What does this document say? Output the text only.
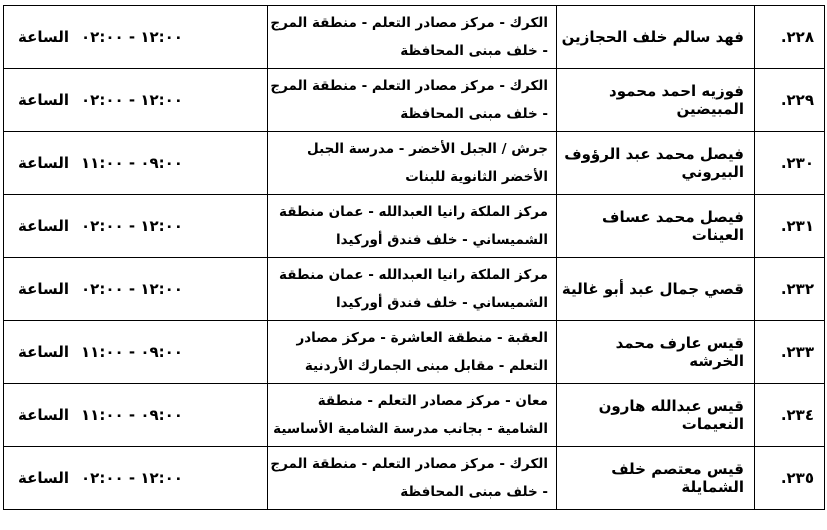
٢٢٨.	فهد سالم خلف الحجازين	الكرك - مركز مصادر التعلم - منطقة المرج - خلف مبنى المحافظة	١٢:٠٠ - ٠٢:٠٠الساعة
٢٢٩.	فوزيه احمد محمود المبيضين	الكرك - مركز مصادر التعلم - منطقة المرج - خلف مبنى المحافظة	١٢:٠٠ - ٠٢:٠٠الساعة
٢٣٠.	فيصل محمد عبد الرؤوف البيروني	جرش / الجبل الأخضر - مدرسة الجبل الأخضر الثانوية للبنات	٠٩:٠٠ - ١١:٠٠الساعة
٢٣١.	فيصل محمد عساف العينات	مركز الملكة رانيا العبدالله - عمان منطقة الشميساني - خلف فندق أوركيدا	١٢:٠٠ - ٠٢:٠٠الساعة
٢٣٢.	قصي جمال عبد أبو غالية	مركز الملكة رانيا العبدالله - عمان منطقة الشميساني - خلف فندق أوركيدا	١٢:٠٠ - ٠٢:٠٠الساعة
٢٣٣.	قيس عارف محمد الخرشه	العقبة - منطقة العاشرة - مركز مصادر التعلم - مقابل مبنى الجمارك الأردنية	٠٩:٠٠ - ١١:٠٠الساعة
٢٣٤.	قيس عبدالله هارون النعيمات	معان - مركز مصادر التعلم - منطقة الشامية - بجانب مدرسة الشامية الأساسية	٠٩:٠٠ - ١١:٠٠الساعة
٢٣٥.	قيس معتصم خلف الشمايلة	الكرك - مركز مصادر التعلم - منطقة المرج - خلف مبنى المحافظة	١٢:٠٠ - ٠٢:٠٠الساعة
